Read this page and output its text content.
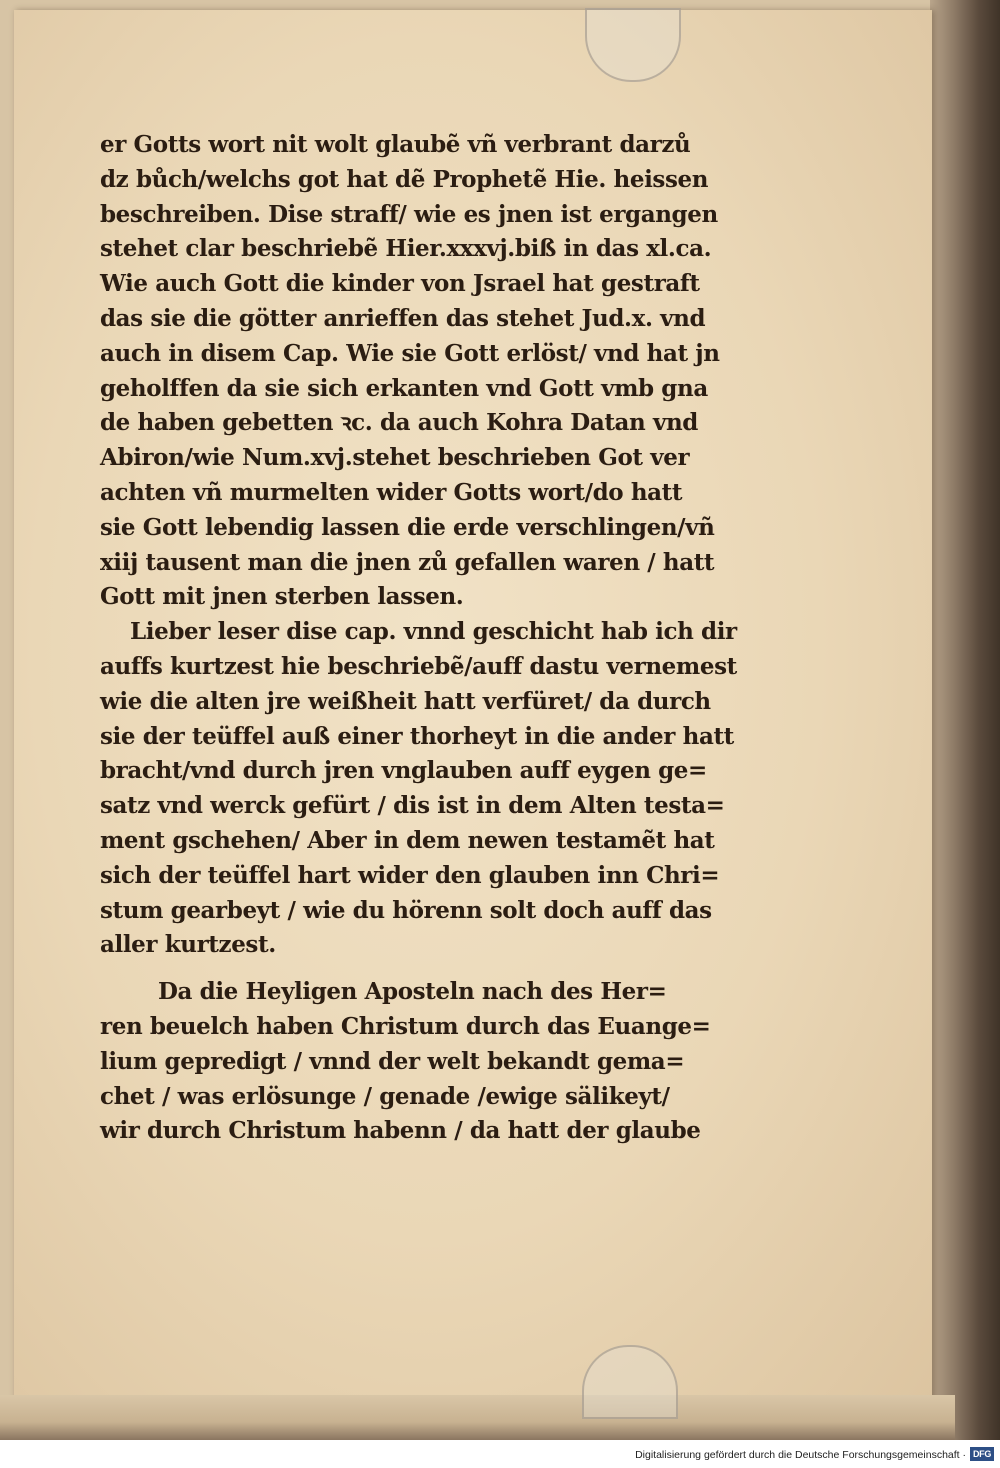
er Gotts wort nit wolt glaubẽ vñ verbrant darzů
dz bůch/welchs got hat dẽ Prophetẽ Hie. heissen
beschreiben. Dise straff/ wie es jnen ist ergangen
stehet clar beschriebẽ Hier.xxxvj.biß in das xl.ca.
Wie auch Gott die kinder von Jsrael hat gestraft
das sie die götter anrieffen das stehet Jud.x. vnd
auch in disem Cap. Wie sie Gott erlöst/ vnd hat jn
geholffen da sie sich erkanten vnd Gott vmb gna
de haben gebetten ꝛc. da auch Kohra Datan vnd
Abiron/wie Num.xvj.stehet beschrieben Got ver
achten vñ murmelten wider Gotts wort/do hatt
sie Gott lebendig lassen die erde verschlingen/vñ
xiij tausent man die jnen zů gefallen waren / hatt
Gott mit jnen sterben lassen.
Lieber leser dise cap. vnnd geschicht hab ich dir
auffs kurtzest hie beschriebẽ/auff dastu vernemest
wie die alten jre weißheit hatt verfüret/ da durch
sie der teüffel auß einer thorheyt in die ander hatt
bracht/vnd durch jren vnglauben auff eygen ge=
satz vnd werck gefürt / dis ist in dem Alten testa=
ment gschehen/ Aber in dem newen testamẽt hat
sich der teüffel hart wider den glauben inn Chri=
stum gearbeyt / wie du hörenn solt doch auff das
aller kurtzest.
Da die Heyligen Aposteln nach des Her=
ren beuelch haben Christum durch das Euange=
lium gepredigt / vnnd der welt bekandt gema=
chet / was erlösunge / genade /ewige sälikeyt/
wir durch Christum habenn / da hatt der glaube
Digitalisierung gefördert durch die Deutsche Forschungsgemeinschaft · DFG
